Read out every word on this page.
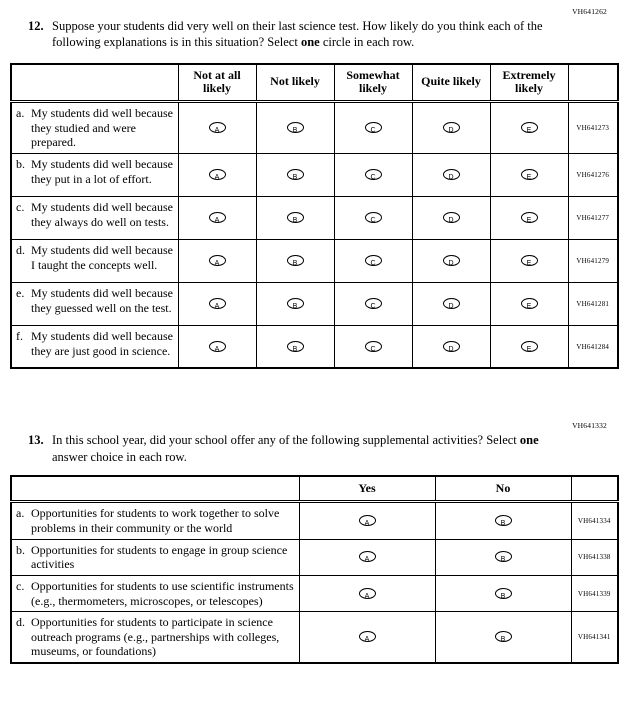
VH641262
12. Suppose your students did very well on their last science test. How likely do you think each of the following explanations is in this situation? Select one circle in each row.
	Not at all likely	Not likely	Somewhat likely	Quite likely	Extremely likely	

a. My students did well because they studied and were prepared.	A	B	C	D	E	VH641273

b. My students did well because they put in a lot of effort.	A	B	C	D	E	VH641276

c. My students did well because they always do well on tests.	A	B	C	D	E	VH641277

d. My students did well because I taught the concepts well.	A	B	C	D	E	VH641279

e. My students did well because they guessed well on the test.	A	B	C	D	E	VH641281

f. My students did well because they are just good in science.	A	B	C	D	E	VH641284
VH641332
13. In this school year, did your school offer any of the following supplemental activities? Select one answer choice in each row.
	Yes	No	

a. Opportunities for students to work together to solve problems in their community or the world	A	B	VH641334

b. Opportunities for students to engage in group science activities	A	B	VH641338

c. Opportunities for students to use scientific instruments (e.g., thermometers, microscopes, or telescopes)	A	B	VH641339

d. Opportunities for students to participate in science outreach programs (e.g., partnerships with colleges, museums, or foundations)	A	B	VH641341
